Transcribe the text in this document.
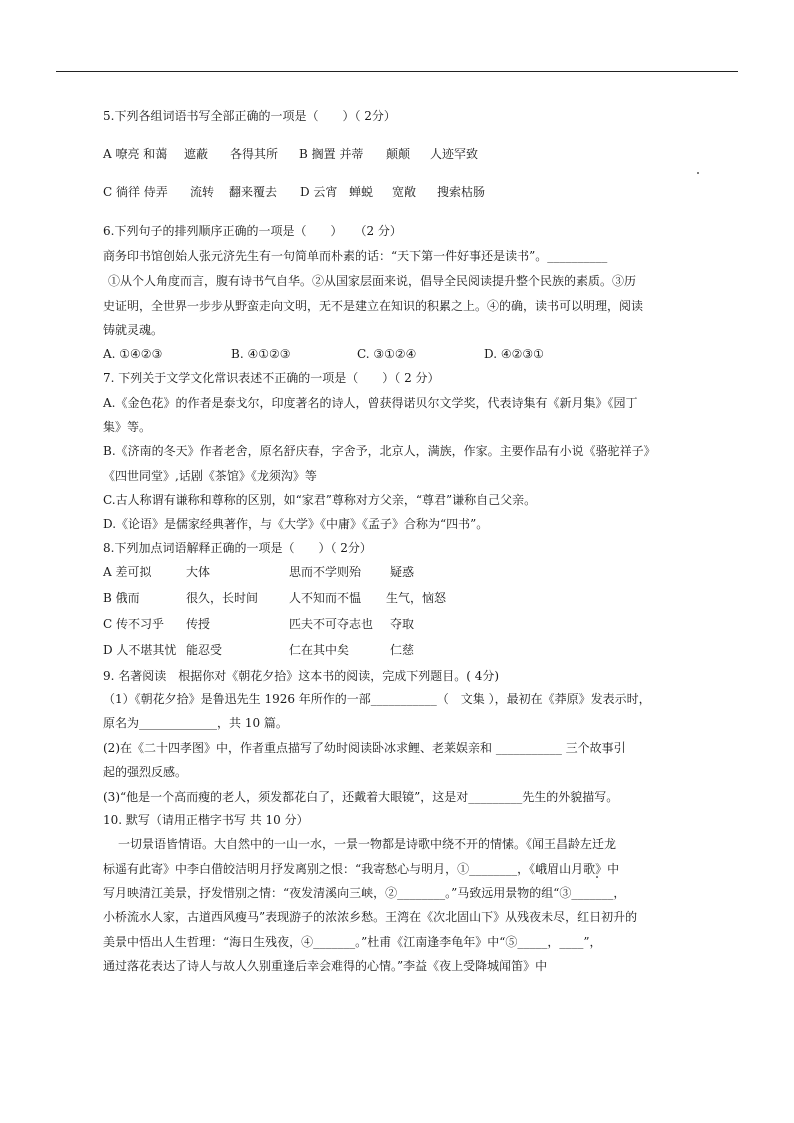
5.下列各组词语书写全部正确的一项是（　　）（ 2分）
A 嘹亮 和蔼 遮蔽 各得其所 B 搁置 并蒂 颠颠 人迹罕致
C 徜徉 侍弄 流转 翻来覆去 D 云宵 蝉蜕 宽敞 搜索枯肠
6.下列句子的排列顺序正确的一项是（　　）　　（2 分）
商务印书馆创始人张元济先生有一句简单而朴素的话：“天下第一件好事还是读书”。__________
①从个人角度而言，腹有诗书气自华。②从国家层面来说，倡导全民阅读提升整个民族的素质。③历
史证明，全世界一步步从野蛮走向文明，无不是建立在知识的积累之上。④的确，读书可以明理，阅读
铸就灵魂。
A. ①④②③	B. ④①②③	C. ③①②④	D. ④②③①
7. 下列关于文学文化常识表述不正确的一项是（　　）（ 2 分）
A.《金色花》的作者是泰戈尔，印度著名的诗人，曾获得诺贝尔文学奖，代表诗集有《新月集》《园丁
集》等。
B.《济南的冬天》作者老舍，原名舒庆春，字舍予，北京人，满族，作家。主要作品有小说《骆驼祥子》
《四世同堂》,话剧《茶馆》《龙须沟》等
C.古人称谓有谦称和尊称的区别，如“家君”尊称对方父亲，“尊君”谦称自己父亲。
D.《论语》是儒家经典著作，与《大学》《中庸》《孟子》合称为“四书”。
8.下列加点词语解释正确的一项是（　　）（ 2分）
A 差可拟	大体	思而不学则殆 疑惑
B 俄而	很久，长时间	人不知而不愠 生气，恼怒
C 传不习乎 传授	匹夫不可夺志也 夺取
D 人不堪其忧 能忍受	仁在其中矣	仁慈
9. 名著阅读　根据你对《朝花夕拾》这本书的阅读，完成下列题目。( 4分)
（1）《朝花夕拾》是鲁迅先生 1926 年所作的一部___________（　文集 ），最初在《莽原》发表示时，
原名为_____________，共 10 篇。
(2)在《二十四孝图》中，作者重点描写了幼时阅读卧冰求鲤、老莱娱亲和 ___________ 三个故事引
起的强烈反感。
(3)“他是一个高而瘦的老人，须发都花白了，还戴着大眼镜”，这是对_________先生的外貌描写。
10. 默写（请用正楷字书写 共 10 分）
一切景语皆情语。大自然中的一山一水，一景一物都是诗歌中绕不开的情愫。《闻王昌龄左迁龙
标遥有此寄》中李白借皎洁明月抒发离别之恨：“我寄愁心与明月，①________，《峨眉山月歌》中
写月映清江美景，抒发惜别之情：“夜发清溪向三峡，②________。”马致远用景物的组“③_______，
小桥流水人家，古道西风瘦马”表现游子的浓浓乡愁。王湾在《次北固山下》从残夜未尽，红日初升的
美景中悟出人生哲理：“海日生残夜，④_______。”杜甫《江南逢李龟年》中“⑤_____，____”，
通过落花表达了诗人与故人久别重逢后幸会难得的心情。”李益《夜上受降城闻笛》中
